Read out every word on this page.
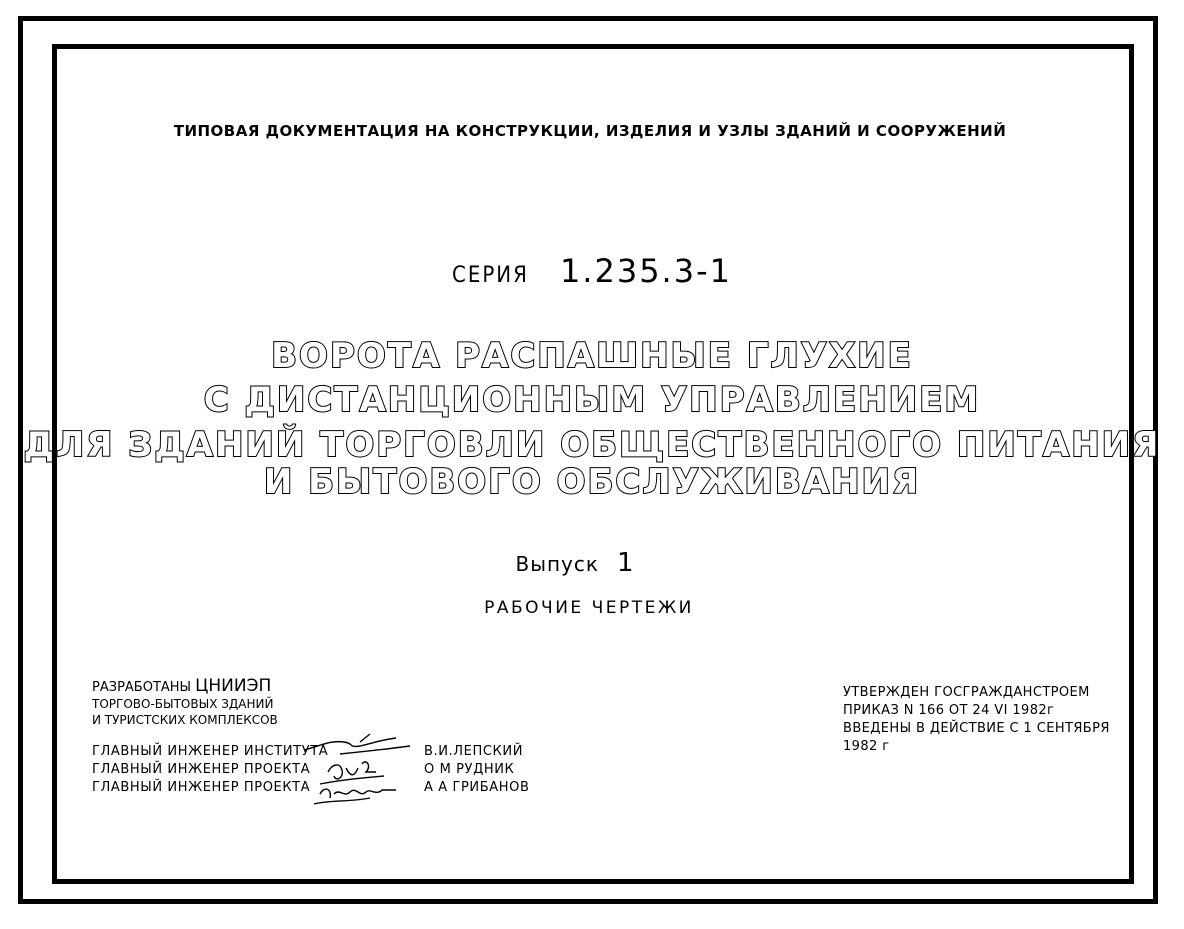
ТИПОВАЯ ДОКУМЕНТАЦИЯ НА КОНСТРУКЦИИ, ИЗДЕЛИЯ И УЗЛЫ ЗДАНИЙ И СООРУЖЕНИЙ
СЕРИЯ 1.235.3-1
ВОРОТА РАСПАШНЫЕ ГЛУХИЕ
С ДИСТАНЦИОННЫМ УПРАВЛЕНИЕМ
ДЛЯ ЗДАНИЙ ТОРГОВЛИ ОБЩЕСТВЕННОГО ПИТАНИЯ
И БЫТОВОГО ОБСЛУЖИВАНИЯ
Выпуск 1
РАБОЧИЕ ЧЕРТЕЖИ
РАЗРАБОТАНЫ ЦНИИЭП
ТОРГОВО-БЫТОВЫХ ЗДАНИЙ
И ТУРИСТСКИХ КОМПЛЕКСОВ
ГЛАВНЫЙ ИНЖЕНЕР ИНСТИТУТА	В.И.ЛЕПСКИЙ
ГЛАВНЫЙ ИНЖЕНЕР ПРОЕКТА	О М РУДНИК
ГЛАВНЫЙ ИНЖЕНЕР ПРОЕКТА	А А ГРИБАНОВ
УТВЕРЖДЕН ГОСГРАЖДАНСТРОЕМ
ПРИКАЗ N 166 ОТ 24 VI 1982г
ВВЕДЕНЫ В ДЕЙСТВИЕ С 1 СЕНТЯБРЯ
1982 г
